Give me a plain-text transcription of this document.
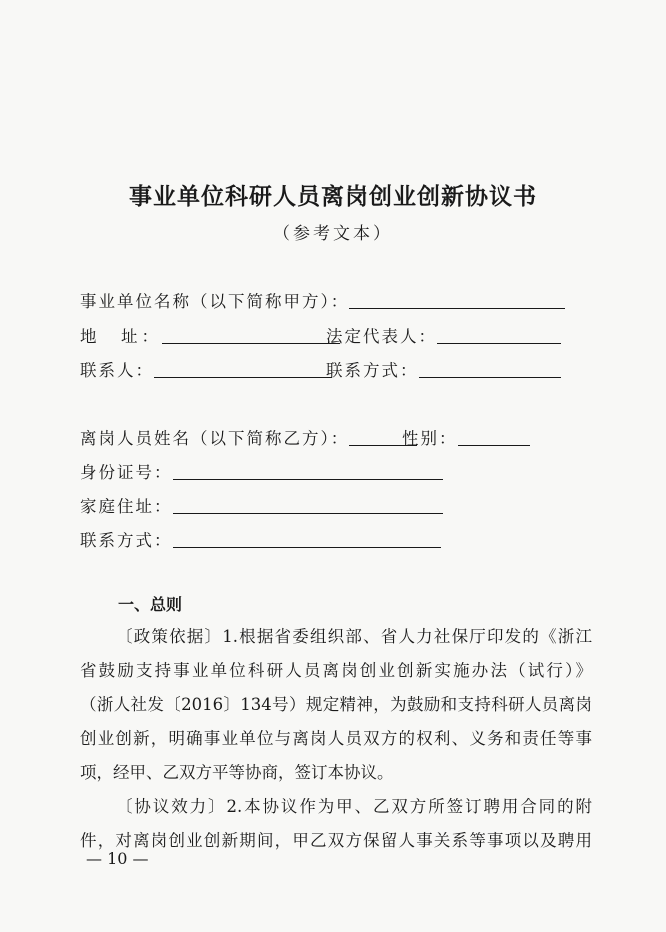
事业单位科研人员离岗创业创新协议书
（参考文本）
事业单位名称（以下简称甲方）：
地　址：	法定代表人：
联系人：	联系方式：
离岗人员姓名（以下简称乙方）：	性别：
身份证号：
家庭住址：
联系方式：
一、总则
〔政策依据〕1.根据省委组织部、省人力社保厅印发的《浙江
省鼓励支持事业单位科研人员离岗创业创新实施办法（试行）》
（浙人社发〔2016〕134号）规定精神，为鼓励和支持科研人员离岗
创业创新，明确事业单位与离岗人员双方的权利、义务和责任等事
项，经甲、乙双方平等协商，签订本协议。
〔协议效力〕2.本协议作为甲、乙双方所签订聘用合同的附
件，对离岗创业创新期间，甲乙双方保留人事关系等事项以及聘用
— 10 —
